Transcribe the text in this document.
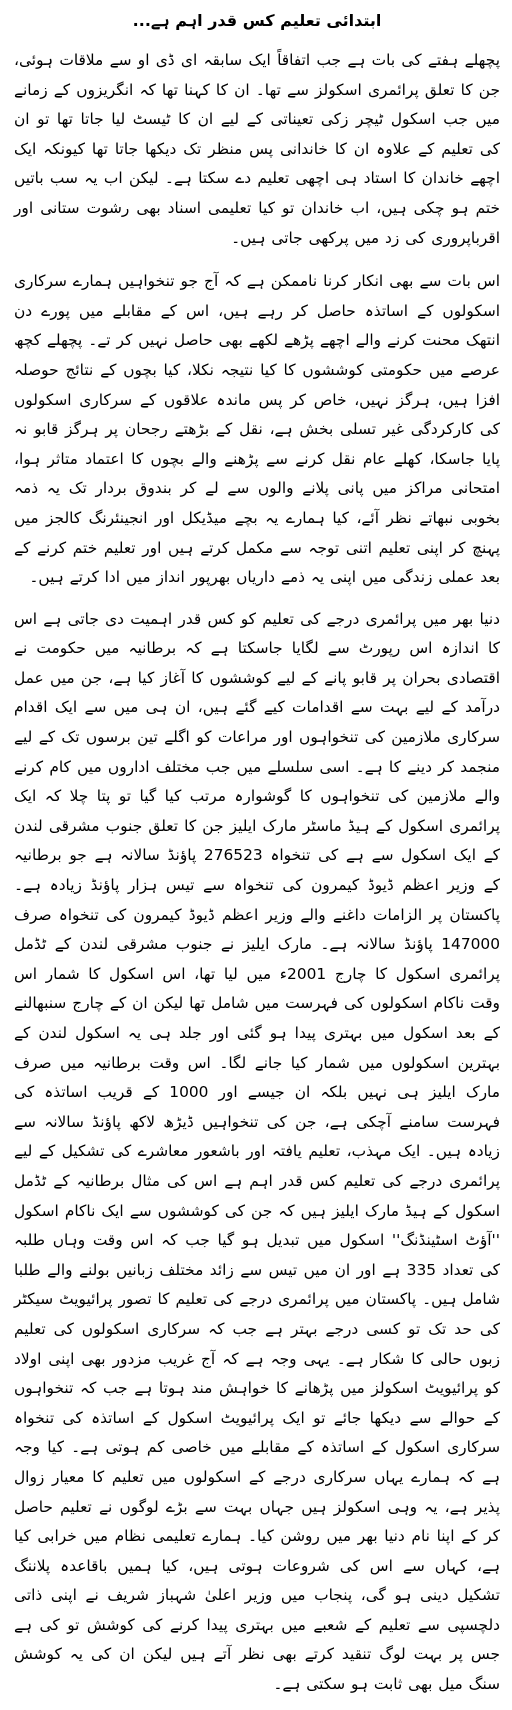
ابتدائی تعلیم کس قدر اہم ہے...

پچھلے ہفتے کی بات ہے جب اتفاقاً ایک سابقہ ای ڈی او سے ملاقات ہوئی، جن کا تعلق پرائمری اسکولز سے تھا۔ ان کا کہنا تھا کہ انگریزوں کے زمانے میں جب اسکول ٹیچر زکی تعیناتی کے لیے ان کا ٹیسٹ لیا جاتا تھا تو ان کی تعلیم کے علاوہ ان کا خاندانی پس منظر تک دیکھا جاتا تھا کیونکہ ایک اچھے خاندان کا استاد ہی اچھی تعلیم دے سکتا ہے۔ لیکن اب یہ سب باتیں ختم ہو چکی ہیں، اب خاندان تو کیا تعلیمی اسناد بھی رشوت ستانی اور اقرباپروری کی زد میں پرکھی جاتی ہیں۔

اس بات سے بھی انکار کرنا ناممکن ہے کہ آج جو تنخواہیں ہمارے سرکاری اسکولوں کے اساتذہ حاصل کر رہے ہیں، اس کے مقابلے میں پورے دن انتھک محنت کرنے والے اچھے پڑھے لکھے بھی حاصل نہیں کر تے۔ پچھلے کچھ عرصے میں حکومتی کوششوں کا کیا نتیجہ نکلا، کیا بچوں کے نتائج حوصلہ افزا ہیں، ہرگز نہیں، خاص کر پس ماندہ علاقوں کے سرکاری اسکولوں کی کارکردگی غیر تسلی بخش ہے، نقل کے بڑھتے رجحان پر ہرگز قابو نہ پایا جاسکا، کھلے عام نقل کرنے سے پڑھنے والے بچوں کا اعتماد متاثر ہوا، امتحانی مراکز میں پانی پلانے والوں سے لے کر بندوق بردار تک یہ ذمہ بخوبی نبھاتے نظر آئے، کیا ہمارے یہ بچے میڈیکل اور انجینئرنگ کالجز میں پہنچ کر اپنی تعلیم اتنی توجہ سے مکمل کرتے ہیں اور تعلیم ختم کرنے کے بعد عملی زندگی میں اپنی یہ ذمے داریاں بھرپور انداز میں ادا کرتے ہیں۔

دنیا بھر میں پرائمری درجے کی تعلیم کو کس قدر اہمیت دی جاتی ہے اس کا اندازہ اس رپورٹ سے لگایا جاسکتا ہے کہ برطانیہ میں حکومت نے اقتصادی بحران پر قابو پانے کے لیے کوششوں کا آغاز کیا ہے، جن میں عمل درآمد کے لیے بہت سے اقدامات کیے گئے ہیں، ان ہی میں سے ایک اقدام سرکاری ملازمین کی تنخواہوں اور مراعات کو اگلے تین برسوں تک کے لیے منجمد کر دینے کا ہے۔ اسی سلسلے میں جب مختلف اداروں میں کام کرنے والے ملازمین کی تنخواہوں کا گوشوارہ مرتب کیا گیا تو پتا چلا کہ ایک پرائمری اسکول کے ہیڈ ماسٹر مارک ایلیز جن کا تعلق جنوب مشرقی لندن کے ایک اسکول سے ہے کی تنخواہ 276523 پاؤنڈ سالانہ ہے جو برطانیہ کے وزیر اعظم ڈیوڈ کیمرون کی تنخواہ سے تیس ہزار پاؤنڈ زیادہ ہے۔ پاکستان پر الزامات داغنے والے وزیر اعظم ڈیوڈ کیمرون کی تنخواہ صرف 147000 پاؤنڈ سالانہ ہے۔ مارک ایلیز نے جنوب مشرقی لندن کے ٹڈمل پرائمری اسکول کا چارج 2001ء میں لیا تھا، اس اسکول کا شمار اس وقت ناکام اسکولوں کی فہرست میں شامل تھا لیکن ان کے چارج سنبھالنے کے بعد اسکول میں بہتری پیدا ہو گئی اور جلد ہی یہ اسکول لندن کے بہترین اسکولوں میں شمار کیا جانے لگا۔ اس وقت برطانیہ میں صرف مارک ایلیز ہی نہیں بلکہ ان جیسے اور 1000 کے قریب اساتذہ کی فہرست سامنے آچکی ہے، جن کی تنخواہیں ڈیڑھ لاکھ پاؤنڈ سالانہ سے زیادہ ہیں۔ ایک مہذب، تعلیم یافتہ اور باشعور معاشرے کی تشکیل کے لیے پرائمری درجے کی تعلیم کس قدر اہم ہے اس کی مثال برطانیہ کے ٹڈمل اسکول کے ہیڈ مارک ایلیز ہیں کہ جن کی کوششوں سے ایک ناکام اسکول ''آؤٹ اسٹینڈنگ'' اسکول میں تبدیل ہو گیا جب کہ اس وقت وہاں طلبہ کی تعداد 335 ہے اور ان میں تیس سے زائد مختلف زبانیں بولنے والے طلبا شامل ہیں۔ پاکستان میں پرائمری درجے کی تعلیم کا تصور پرائیویٹ سیکٹر کی حد تک تو کسی درجے بہتر ہے جب کہ سرکاری اسکولوں کی تعلیم زبوں حالی کا شکار ہے۔ یہی وجہ ہے کہ آج غریب مزدور بھی اپنی اولاد کو پرائیویٹ اسکولز میں پڑھانے کا خواہش مند ہوتا ہے جب کہ تنخواہوں کے حوالے سے دیکھا جائے تو ایک پرائیویٹ اسکول کے اساتذہ کی تنخواہ سرکاری اسکول کے اساتذہ کے مقابلے میں خاصی کم ہوتی ہے۔ کیا وجہ ہے کہ ہمارے یہاں سرکاری درجے کے اسکولوں میں تعلیم کا معیار زوال پذیر ہے، یہ وہی اسکولز ہیں جہاں بہت سے بڑے لوگوں نے تعلیم حاصل کر کے اپنا نام دنیا بھر میں روشن کیا۔ ہمارے تعلیمی نظام میں خرابی کیا ہے، کہاں سے اس کی شروعات ہوتی ہیں، کیا ہمیں باقاعدہ پلاننگ تشکیل دینی ہو گی، پنجاب میں وزیر اعلیٰ شہباز شریف نے اپنی ذاتی دلچسپی سے تعلیم کے شعبے میں بہتری پیدا کرنے کی کوشش تو کی ہے جس پر بہت لوگ تنقید کرتے بھی نظر آتے ہیں لیکن ان کی یہ کوشش سنگ میل بھی ثابت ہو سکتی ہے۔
